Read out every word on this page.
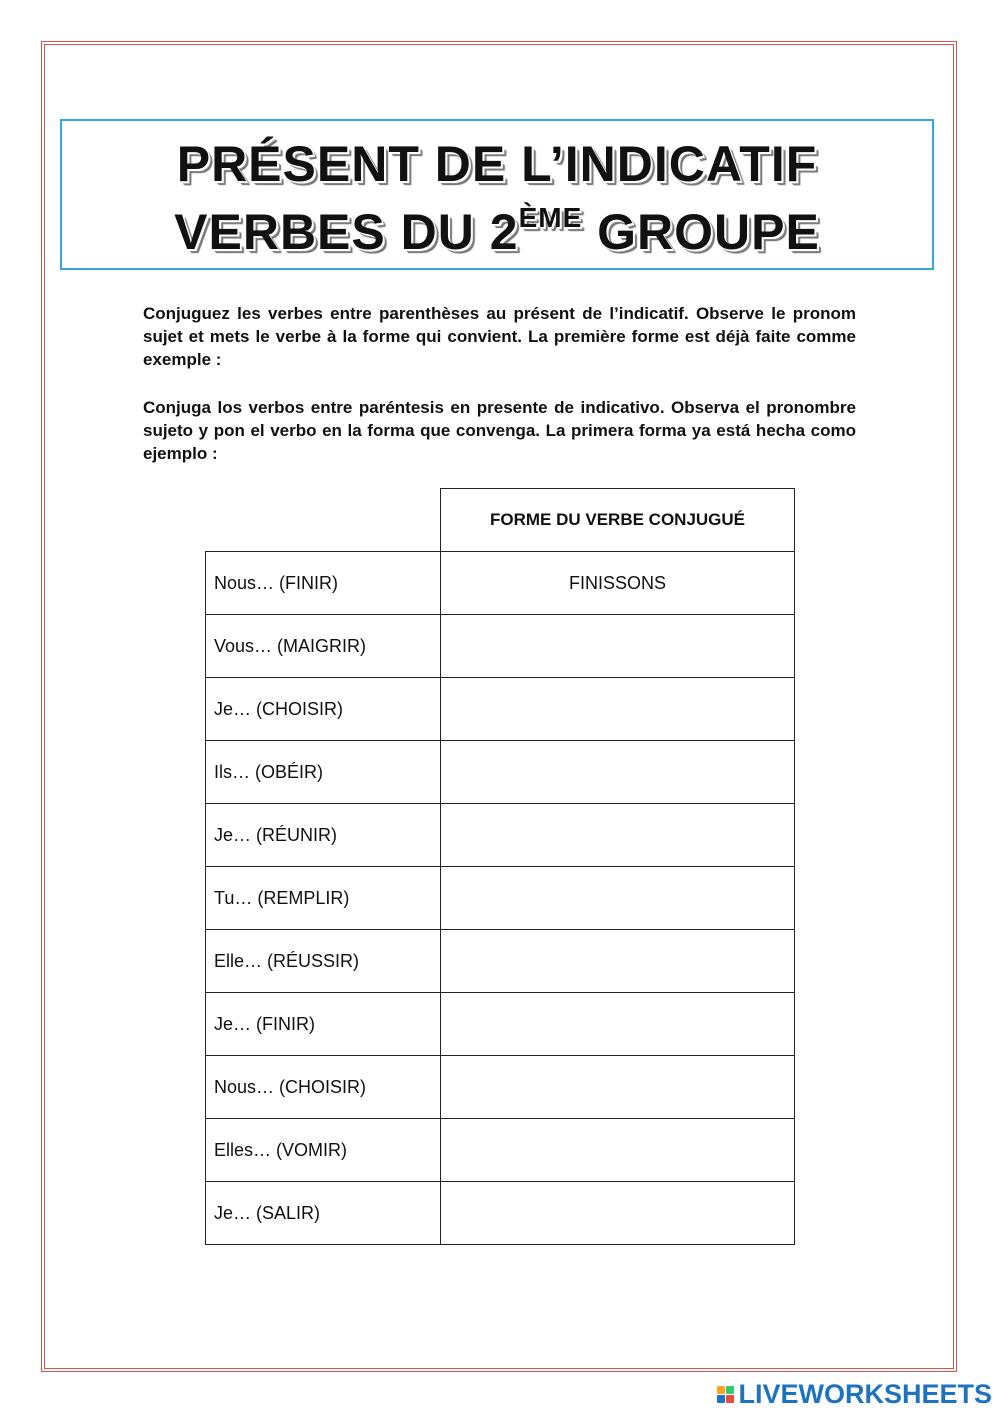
PRÉSENT DE L’INDICATIF
VERBES DU 2ÈME GROUPE

Conjuguez les verbes entre parenthèses au présent de l’indicatif. Observe le pronom sujet et mets le verbe à la forme qui convient. La première forme est déjà faite comme exemple :

Conjuga los verbos entre paréntesis en presente de indicativo. Observa el pronombre sujeto y pon el verbo en la forma que convenga. La primera forma ya está hecha como ejemplo :

	FORME DU VERBE CONJUGUÉ
Nous… (FINIR)	FINISSONS
Vous… (MAIGRIR)	
Je… (CHOISIR)	
Ils… (OBÉIR)	
Je… (RÉUNIR)	
Tu… (REMPLIR)	
Elle… (RÉUSSIR)	
Je… (FINIR)	
Nous… (CHOISIR)	
Elles… (VOMIR)	
Je… (SALIR)	
LIVEWORKSHEETS
